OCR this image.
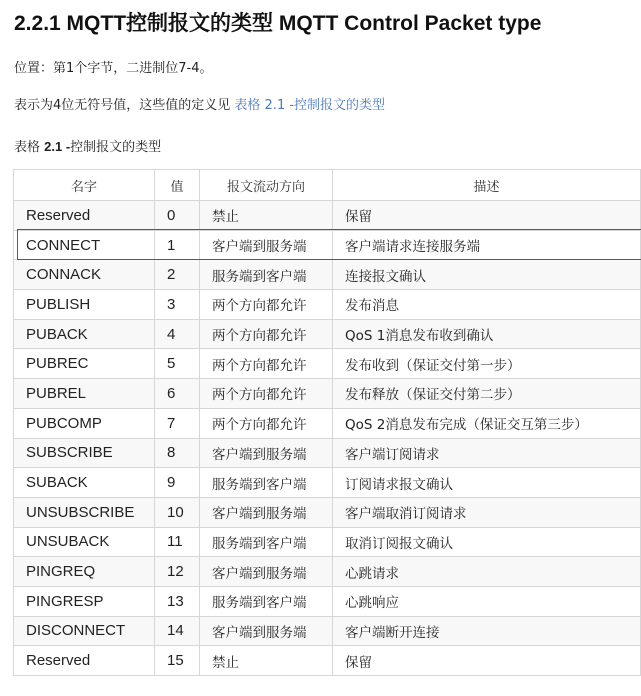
2.2.1 MQTT控制报文的类型 MQTT Control Packet type
位置：第1个字节，二进制位7-4。
表示为4位无符号值，这些值的定义见 表格 2.1 -控制报文的类型
表格 2.1 -控制报文的类型
名字	值	报文流动方向	描述
Reserved	0	禁止	保留
CONNECT	1	客户端到服务端	客户端请求连接服务端
CONNACK	2	服务端到客户端	连接报文确认
PUBLISH	3	两个方向都允许	发布消息
PUBACK	4	两个方向都允许	QoS 1消息发布收到确认
PUBREC	5	两个方向都允许	发布收到（保证交付第一步）
PUBREL	6	两个方向都允许	发布释放（保证交付第二步）
PUBCOMP	7	两个方向都允许	QoS 2消息发布完成（保证交互第三步）
SUBSCRIBE	8	客户端到服务端	客户端订阅请求
SUBACK	9	服务端到客户端	订阅请求报文确认
UNSUBSCRIBE	10	客户端到服务端	客户端取消订阅请求
UNSUBACK	11	服务端到客户端	取消订阅报文确认
PINGREQ	12	客户端到服务端	心跳请求
PINGRESP	13	服务端到客户端	心跳响应
DISCONNECT	14	客户端到服务端	客户端断开连接
Reserved	15	禁止	保留
